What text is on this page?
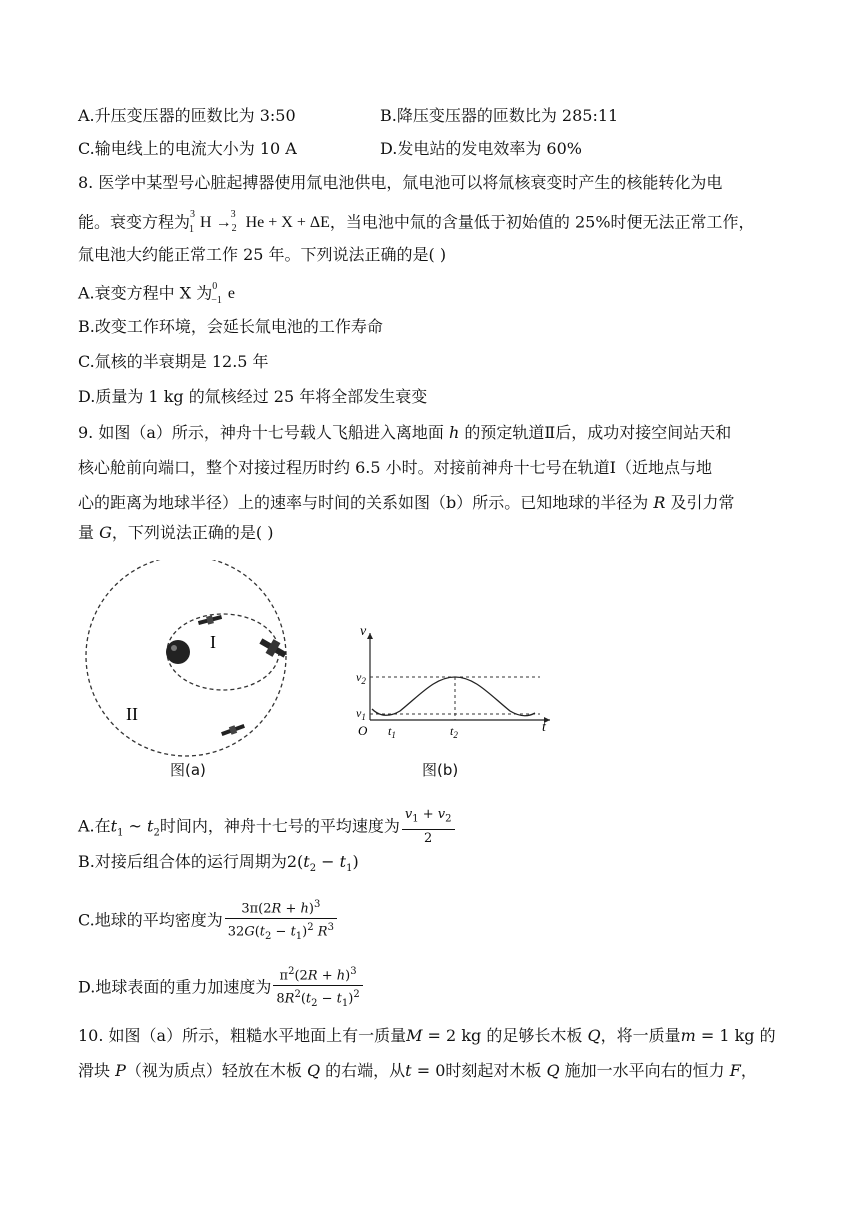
A.升压变压器的匝数比为 3:50	B.降压变压器的匝数比为 285:11
C.输电线上的电流大小为 10 A	D.发电站的发电效率为 60%
8. 医学中某型号心脏起搏器使用氚电池供电，氚电池可以将氚核衰变时产生的核能转化为电
能。衰变方程为$^3_1$ $H \to_2^3$ He + X + ΔE，当电池中氚的含量低于初始值的 25%时便无法正常工作，
氚电池大约能正常工作 25 年。下列说法正确的是( )
A.衰变方程中 X 为$^0_{-1}$ e
B.改变工作环境，会延长氚电池的工作寿命
C.氚核的半衰期是 12.5 年
D.质量为 1 kg 的氚核经过 25 年将全部发生衰变
9. 如图（a）所示，神舟十七号载人飞船进入离地面 h 的预定轨道Ⅱ后，成功对接空间站天和
核心舱前向端口，整个对接过程历时约 6.5 小时。对接前神舟十七号在轨道Ⅰ（近地点与地
心的距离为地球半径）上的速率与时间的关系如图（b）所示。已知地球的半径为 R 及引力常
量 G，下列说法正确的是( )
I
II
图(a)
v
t
$v_2$
$v_1$
O $t_1$	$t_2$
图(b)
A.在$t_1$ ~ $t_2$时间内，神舟十七号的平均速度为 $\frac{v_1 + v_2}{2}$
B.对接后组合体的运行周期为$2(t_2 - t_1)$
C.地球的平均密度为 $\frac{3\pi(2R + h)^3}{32G(t_2 - t_1)^2 R^3}$
D.地球表面的重力加速度为 $\frac{\pi^2(2R + h)^3}{8R^2(t_2 - t_1)^2}$
10. 如图（a）所示，粗糙水平地面上有一质量M = 2 kg 的足够长木板 Q，将一质量m = 1 kg 的
滑块 P（视为质点）轻放在木板 Q 的右端，从t = 0时刻起对木板 Q 施加一水平向右的恒力 F，
